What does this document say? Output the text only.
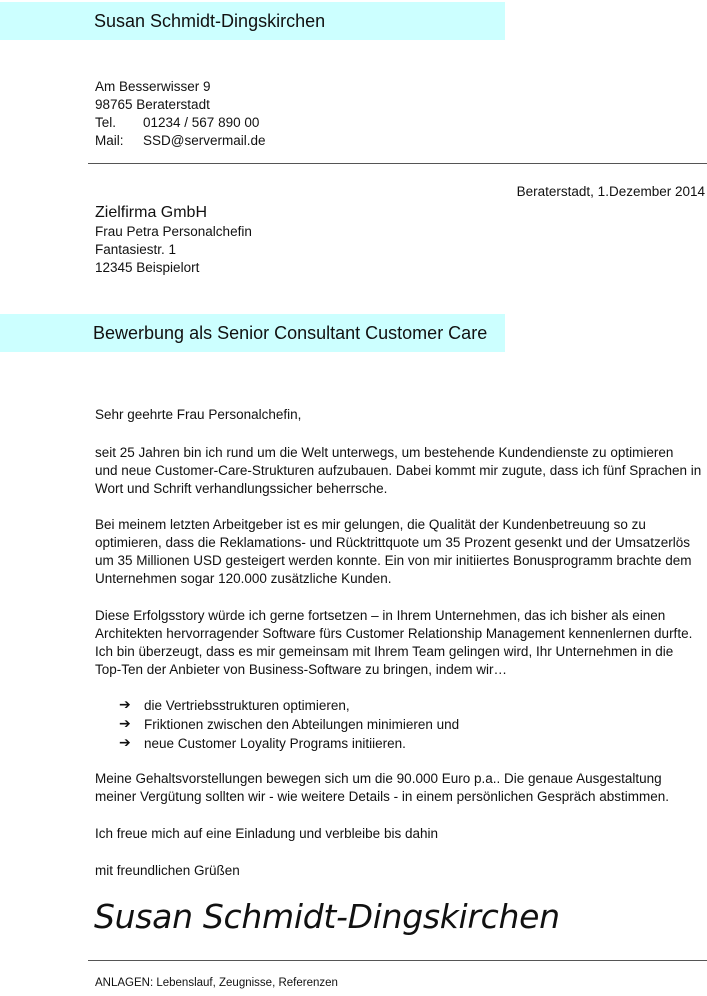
Susan Schmidt-Dingskirchen
Am Besserwisser 9
98765 Beraterstadt
Tel. 01234 / 567 890 00
Mail: SSD@servermail.de
Beraterstadt, 1.Dezember 2014
Zielfirma GmbH
Frau Petra Personalchefin
Fantasiestr. 1
12345 Beispielort
Bewerbung als Senior Consultant Customer Care
Sehr geehrte Frau Personalchefin,
seit 25 Jahren bin ich rund um die Welt unterwegs, um bestehende Kundendienste zu optimieren
und neue Customer-Care-Strukturen aufzubauen. Dabei kommt mir zugute, dass ich fünf Sprachen in
Wort und Schrift verhandlungssicher beherrsche.
Bei meinem letzten Arbeitgeber ist es mir gelungen, die Qualität der Kundenbetreuung so zu
optimieren, dass die Reklamations- und Rücktrittquote um 35 Prozent gesenkt und der Umsatzerlös
um 35 Millionen USD gesteigert werden konnte. Ein von mir initiiertes Bonusprogramm brachte dem
Unternehmen sogar 120.000 zusätzliche Kunden.
Diese Erfolgsstory würde ich gerne fortsetzen – in Ihrem Unternehmen, das ich bisher als einen
Architekten hervorragender Software fürs Customer Relationship Management kennenlernen durfte.
Ich bin überzeugt, dass es mir gemeinsam mit Ihrem Team gelingen wird, Ihr Unternehmen in die
Top-Ten der Anbieter von Business-Software zu bringen, indem wir…
➔ die Vertriebsstrukturen optimieren,
➔ Friktionen zwischen den Abteilungen minimieren und
➔ neue Customer Loyality Programs initiieren.
Meine Gehaltsvorstellungen bewegen sich um die 90.000 Euro p.a.. Die genaue Ausgestaltung
meiner Vergütung sollten wir - wie weitere Details - in einem persönlichen Gespräch abstimmen.
Ich freue mich auf eine Einladung und verbleibe bis dahin
mit freundlichen Grüßen
Susan Schmidt-Dingskirchen
ANLAGEN: Lebenslauf, Zeugnisse, Referenzen
